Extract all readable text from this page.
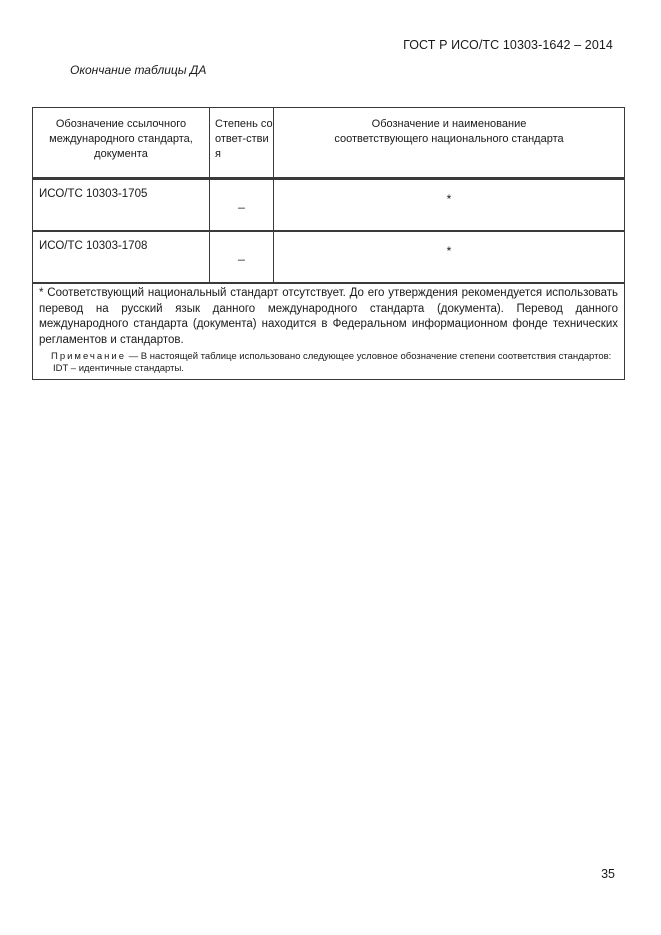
ГОСТ Р ИСО/ТС 10303-1642 – 2014
Окончание таблицы ДА
Обозначение ссылочного международного стандарта, документа	Степень соответ-ствия	Обозначение и наименование соответствующего национального стандарта

ИСО/ТС 10303-1705	_	*

ИСО/ТС 10303-1708	_	*

* Соответствующий национальный стандарт отсутствует. До его утверждения рекомендуется использовать перевод на русский язык данного международного стандарта (документа). Перевод данного международного стандарта (документа) находится в Федеральном информационном фонде технических регламентов и стандартов.
Примечание — В настоящей таблице использовано следующее условное обозначение степени соответствия стандартов:
IDT – идентичные стандарты.		
35
